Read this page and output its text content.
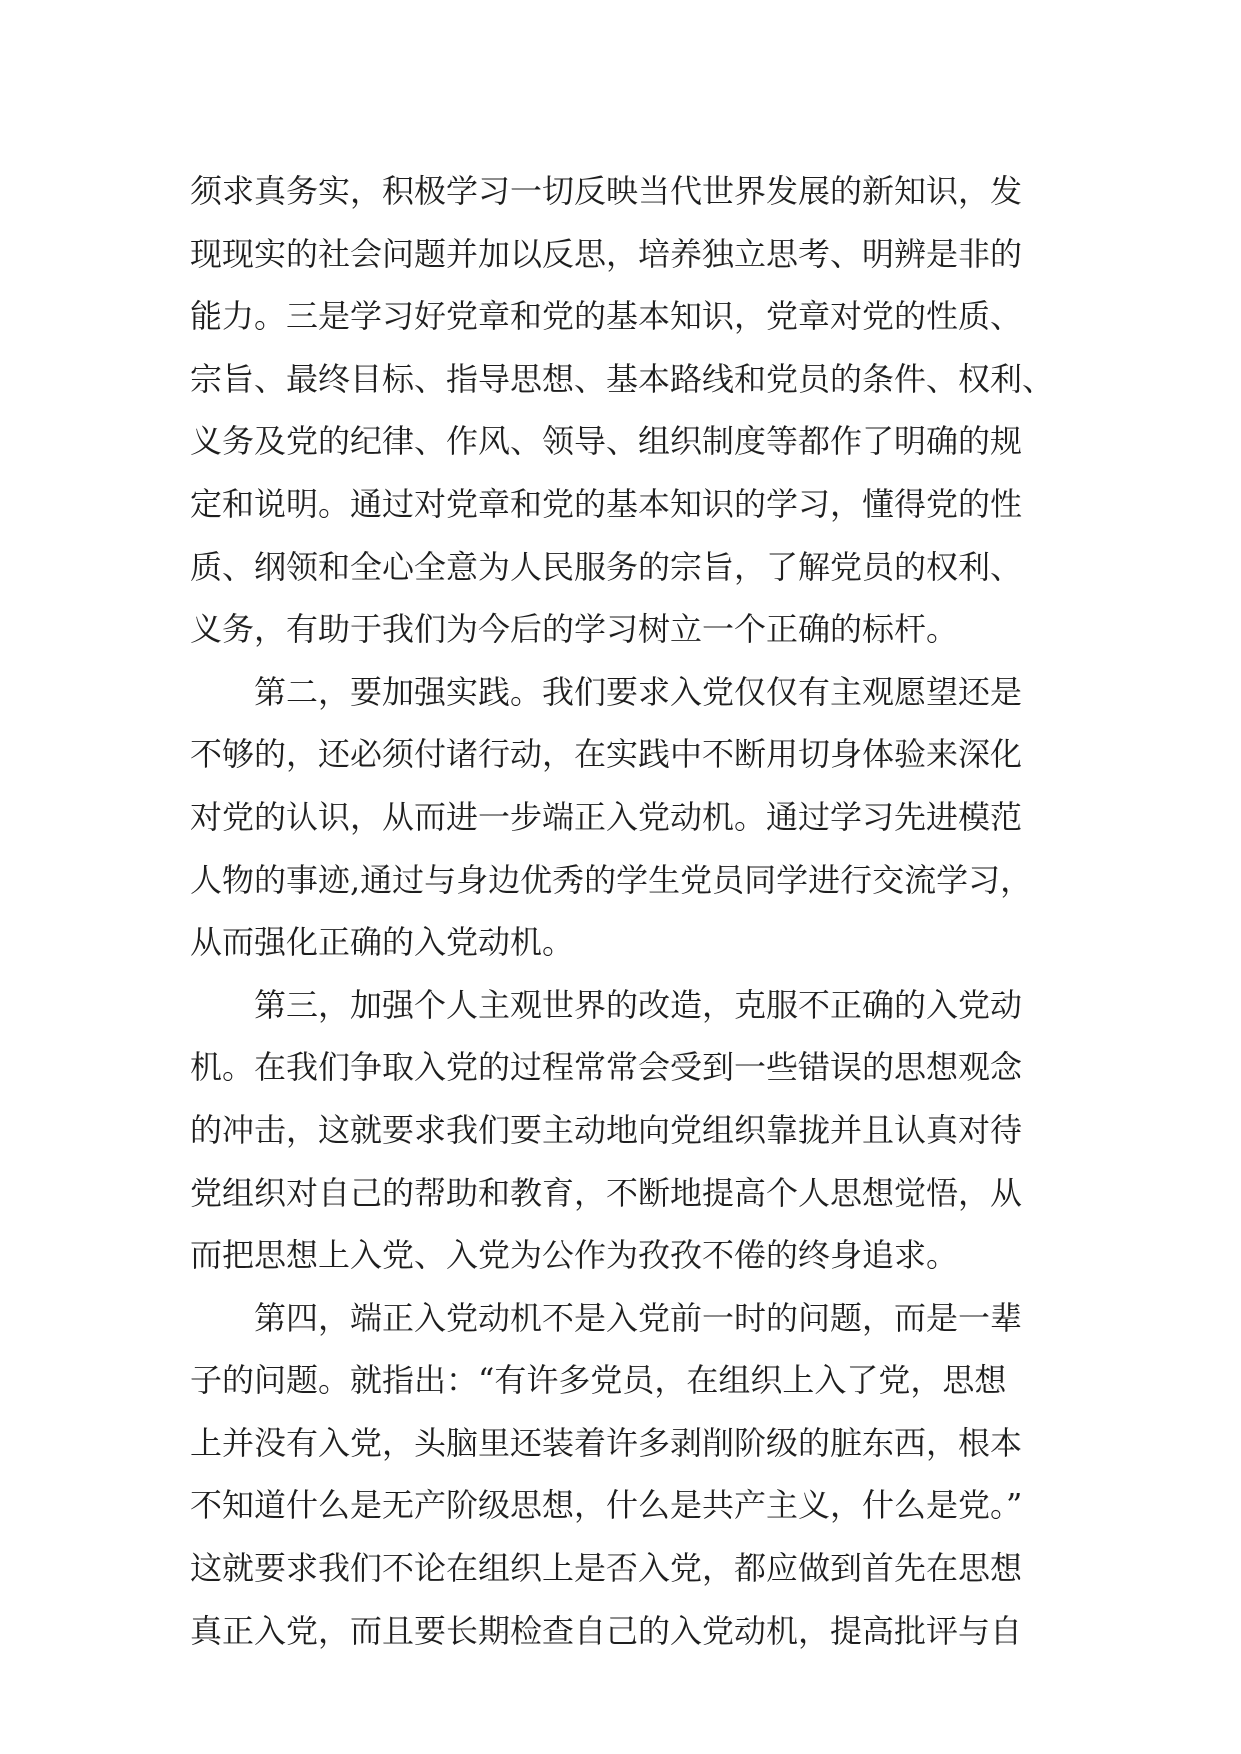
须求真务实，积极学习一切反映当代世界发展的新知识，发
现现实的社会问题并加以反思，培养独立思考、明辨是非的
能力。三是学习好党章和党的基本知识，党章对党的性质、
宗旨、最终目标、指导思想、基本路线和党员的条件、权利、
义务及党的纪律、作风、领导、组织制度等都作了明确的规
定和说明。通过对党章和党的基本知识的学习，懂得党的性
质、纲领和全心全意为人民服务的宗旨，了解党员的权利、
义务，有助于我们为今后的学习树立一个正确的标杆。
第二，要加强实践。我们要求入党仅仅有主观愿望还是
不够的，还必须付诸行动，在实践中不断用切身体验来深化
对党的认识，从而进一步端正入党动机。通过学习先进模范
人物的事迹,通过与身边优秀的学生党员同学进行交流学习，
从而强化正确的入党动机。
第三，加强个人主观世界的改造，克服不正确的入党动
机。在我们争取入党的过程常常会受到一些错误的思想观念
的冲击，这就要求我们要主动地向党组织靠拢并且认真对待
党组织对自己的帮助和教育，不断地提高个人思想觉悟，从
而把思想上入党、入党为公作为孜孜不倦的终身追求。
第四，端正入党动机不是入党前一时的问题，而是一辈
子的问题。就指出：“有许多党员，在组织上入了党，思想
上并没有入党，头脑里还装着许多剥削阶级的脏东西，根本
不知道什么是无产阶级思想，什么是共产主义，什么是党。”
这就要求我们不论在组织上是否入党，都应做到首先在思想
真正入党，而且要长期检查自己的入党动机，提高批评与自
